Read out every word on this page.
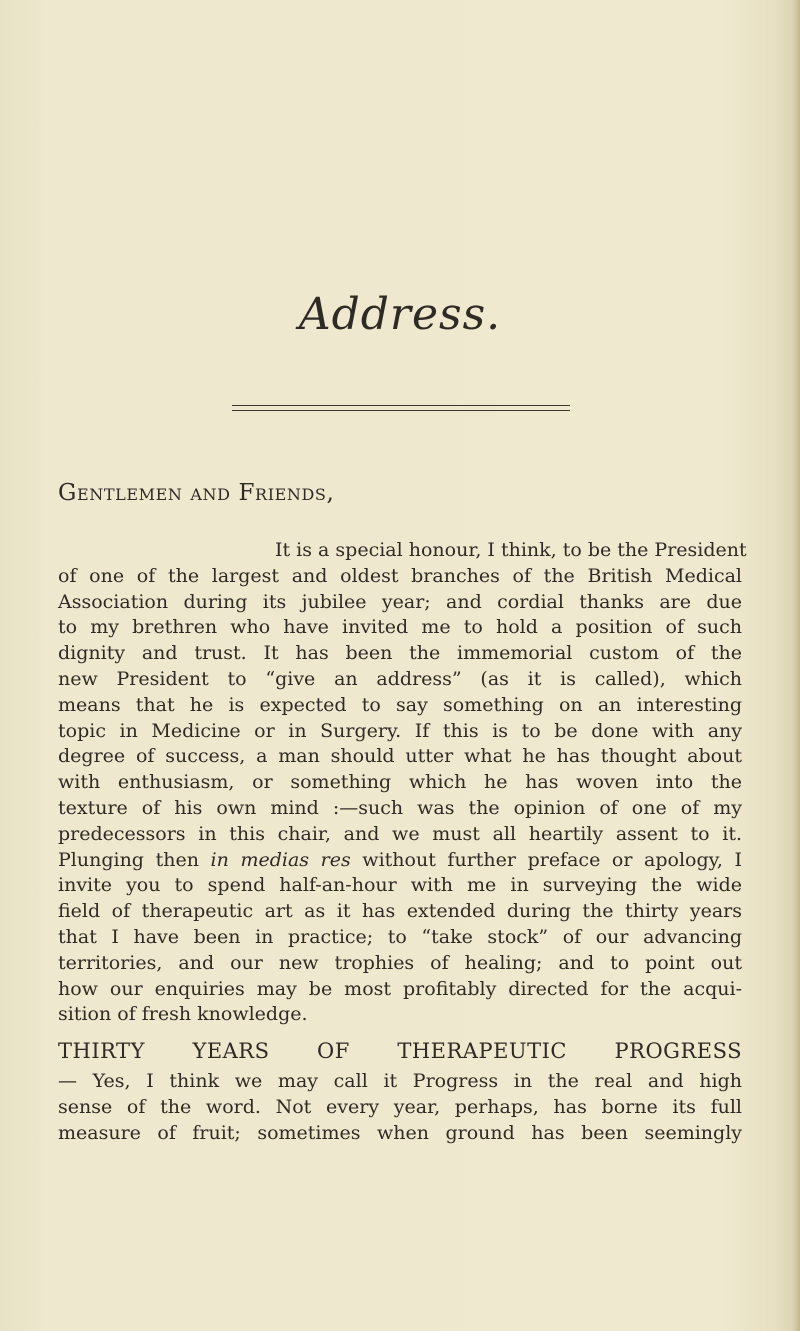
Address.
Gentlemen and Friends,
It is a special honour, I think, to be the President
of one of the largest and oldest branches of the British Medical
Association during its jubilee year; and cordial thanks are due
to my brethren who have invited me to hold a position of such
dignity and trust. It has been the immemorial custom of the
new President to “give an address” (as it is called), which
means that he is expected to say something on an interesting
topic in Medicine or in Surgery. If this is to be done with any
degree of success, a man should utter what he has thought about
with enthusiasm, or something which he has woven into the
texture of his own mind :—such was the opinion of one of my
predecessors in this chair, and we must all heartily assent to it.
Plunging then in medias res without further preface or apology, I
invite you to spend half-an-hour with me in surveying the wide
field of therapeutic art as it has extended during the thirty years
that I have been in practice; to “take stock” of our advancing
territories, and our new trophies of healing; and to point out
how our enquiries may be most profitably directed for the acqui-
sition of fresh knowledge.
THIRTY YEARS OF THERAPEUTIC PROGRESS
— Yes, I think we may call it Progress in the real and high
sense of the word. Not every year, perhaps, has borne its full
measure of fruit; sometimes when ground has been seemingly
